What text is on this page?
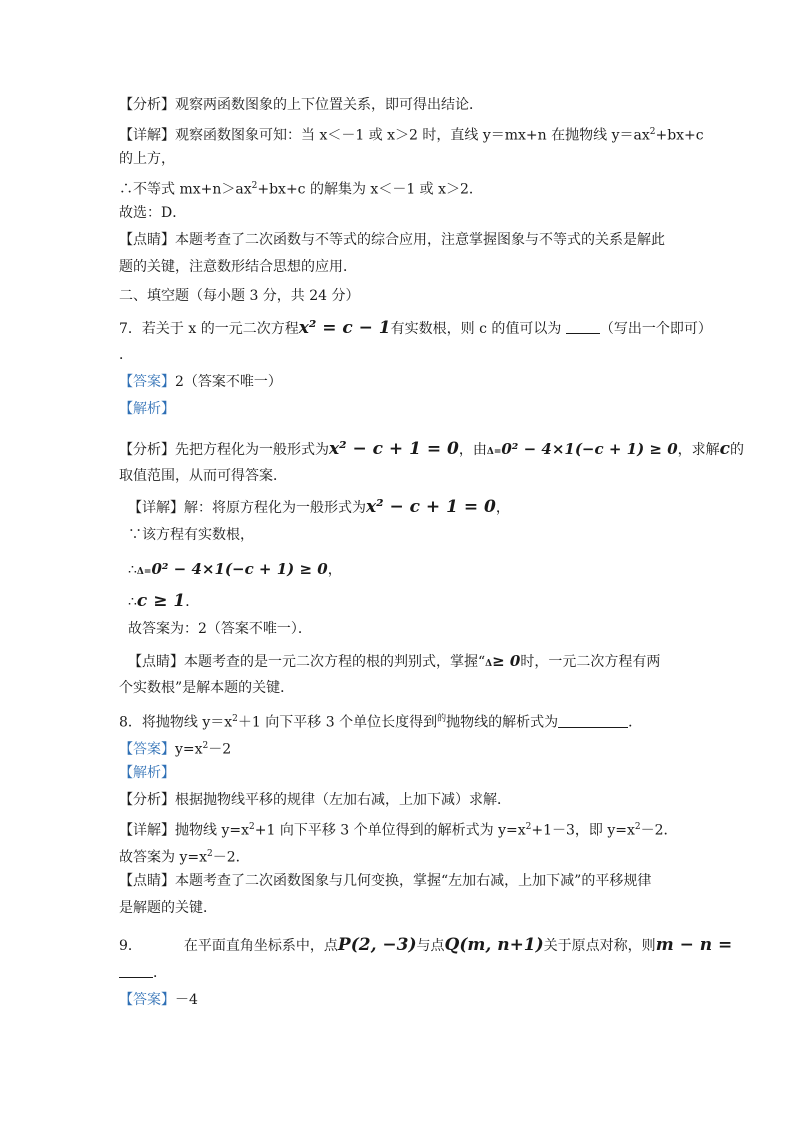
【分析】观察两函数图象的上下位置关系，即可得出结论．
【详解】观察函数图象可知：当 x＜－1 或 x＞2 时，直线 y＝mx+n 在抛物线 $y=ax^2+bx+c$
的上方，
∴不等式 $mx+n>ax^2+bx+c$ 的解集为 x＜－1 或 x＞2．
故选：D．
【点睛】本题考查了二次函数与不等式的综合应用，注意掌握图象与不等式的关系是解此
题的关键，注意数形结合思想的应用．
二、填空题（每小题 3 分，共 24 分）
7．若关于 x 的一元二次方程x² = c − 1有实数根，则 c 的值可以为	（写出一个即可）
．
【答案】2（答案不唯一）
【解析】
【分析】先把方程化为一般形式为x² − c + 1 = 0，由Δ=0² − 4×1(−c + 1) ≥ 0，求解c的
取值范围，从而可得答案．
【详解】解：将原方程化为一般形式为x² − c + 1 = 0，
∵该方程有实数根，
∴Δ=0² − 4×1(−c + 1) ≥ 0，
∴c ≥ 1．
故答案为：2（答案不唯一）．
【点睛】本题考查的是一元二次方程的根的判别式，掌握“Δ≥ 0时，一元二次方程有两
个实数根”是解本题的关键．
8．将抛物线 $y=x^2+1$ 向下平移 3 个单位长度得到$^的$抛物线的解析式为	．
【答案】$y=x^2-2$
【解析】
【分析】根据抛物线平移的规律（左加右减，上加下减）求解．
【详解】抛物线 $y=x^2+1$ 向下平移 3 个单位得到的解析式为 $y=x^2+1-3$，即 $y=x^2-2$．
故答案为 $y=x^2-2$．
【点睛】本题考查了二次函数图象与几何变换，掌握“左加右减，上加下减”的平移规律
是解题的关键．
9．	在平面直角坐标系中，点P(2, −3)与点Q(m, n+1)关于原点对称，则m − n =
．
【答案】－4
